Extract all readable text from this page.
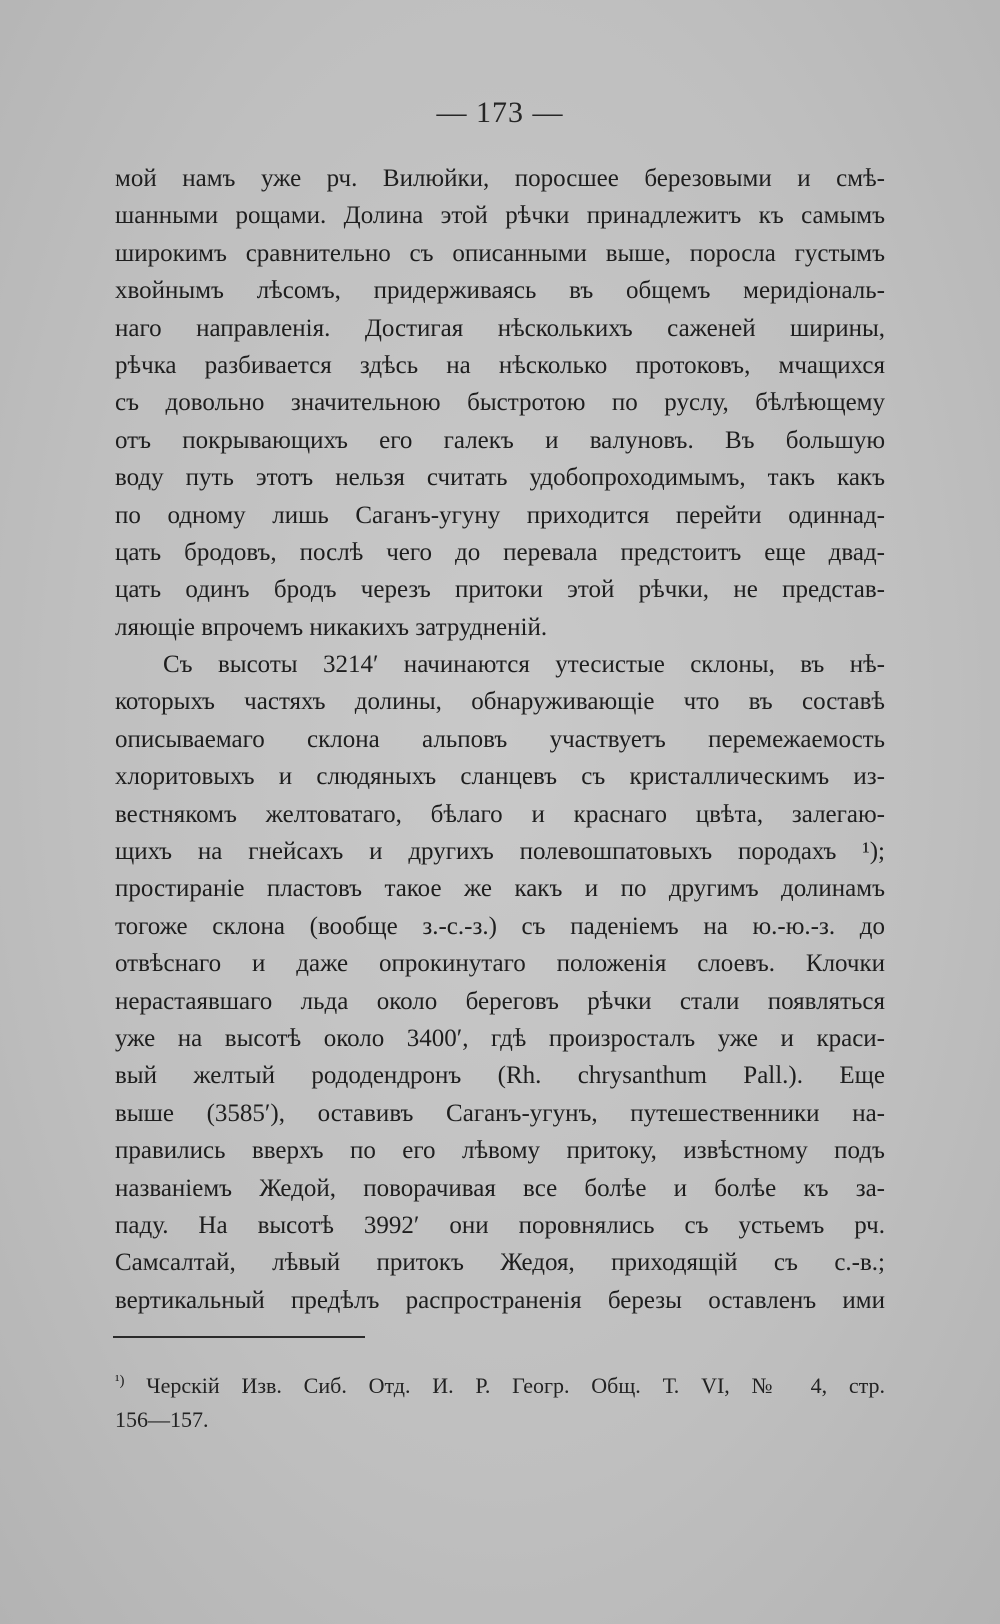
— 173 —
мой намъ уже рч. Вилюйки, поросшее березовыми и смѣ-
шанными рощами. Долина этой рѣчки принадлежитъ къ самымъ
широкимъ сравнительно съ описанными выше, поросла густымъ
хвойнымъ лѣсомъ, придерживаясь въ общемъ меридіональ-
наго направленія. Достигая нѣсколькихъ саженей ширины,
рѣчка разбивается здѣсь на нѣсколько протоковъ, мчащихся
съ довольно значительною быстротою по руслу, бѣлѣющему
отъ покрывающихъ его галекъ и валуновъ. Въ большую
воду путь этотъ нельзя считать удобопроходимымъ, такъ какъ
по одному лишь Саганъ-угуну приходится перейти одиннад-
цать бродовъ, послѣ чего до перевала предстоитъ еще двад-
цать одинъ бродъ черезъ притоки этой рѣчки, не представ-
ляющіе впрочемъ никакихъ затрудненій.
Съ высоты 3214′ начинаются утесистые склоны, въ нѣ-
которыхъ частяхъ долины, обнаруживающіе что въ составѣ
описываемаго склона альповъ участвуетъ перемежаемость
хлоритовыхъ и слюдяныхъ сланцевъ съ кристаллическимъ из-
вестнякомъ желтоватаго, бѣлаго и краснаго цвѣта, залегаю-
щихъ на гнейсахъ и другихъ полевошпатовыхъ породахъ ¹);
простираніе пластовъ такое же какъ и по другимъ долинамъ
тогоже склона (вообще з.-с.-з.) съ паденіемъ на ю.-ю.-з. до
отвѣснаго и даже опрокинутаго положенія слоевъ. Клочки
нерастаявшаго льда около береговъ рѣчки стали появляться
уже на высотѣ около 3400′, гдѣ произросталъ уже и краси-
вый желтый рододендронъ (Rh. chrysanthum Pall.). Еще
выше (3585′), оставивъ Саганъ-угунъ, путешественники на-
правились вверхъ по его лѣвому притоку, извѣстному подъ
названіемъ Жедой, поворачивая все болѣе и болѣе къ за-
паду. На высотѣ 3992′ они поровнялись съ устьемъ рч.
Самсалтай, лѣвый притокъ Жедоя, приходящій съ с.-в.;
вертикальный предѣлъ распространенія березы оставленъ ими
$^{^1)}$ Черскій Изв. Сиб. Отд. И. Р. Геогр. Общ. Т. VI, № 4, стр.
156—157.
